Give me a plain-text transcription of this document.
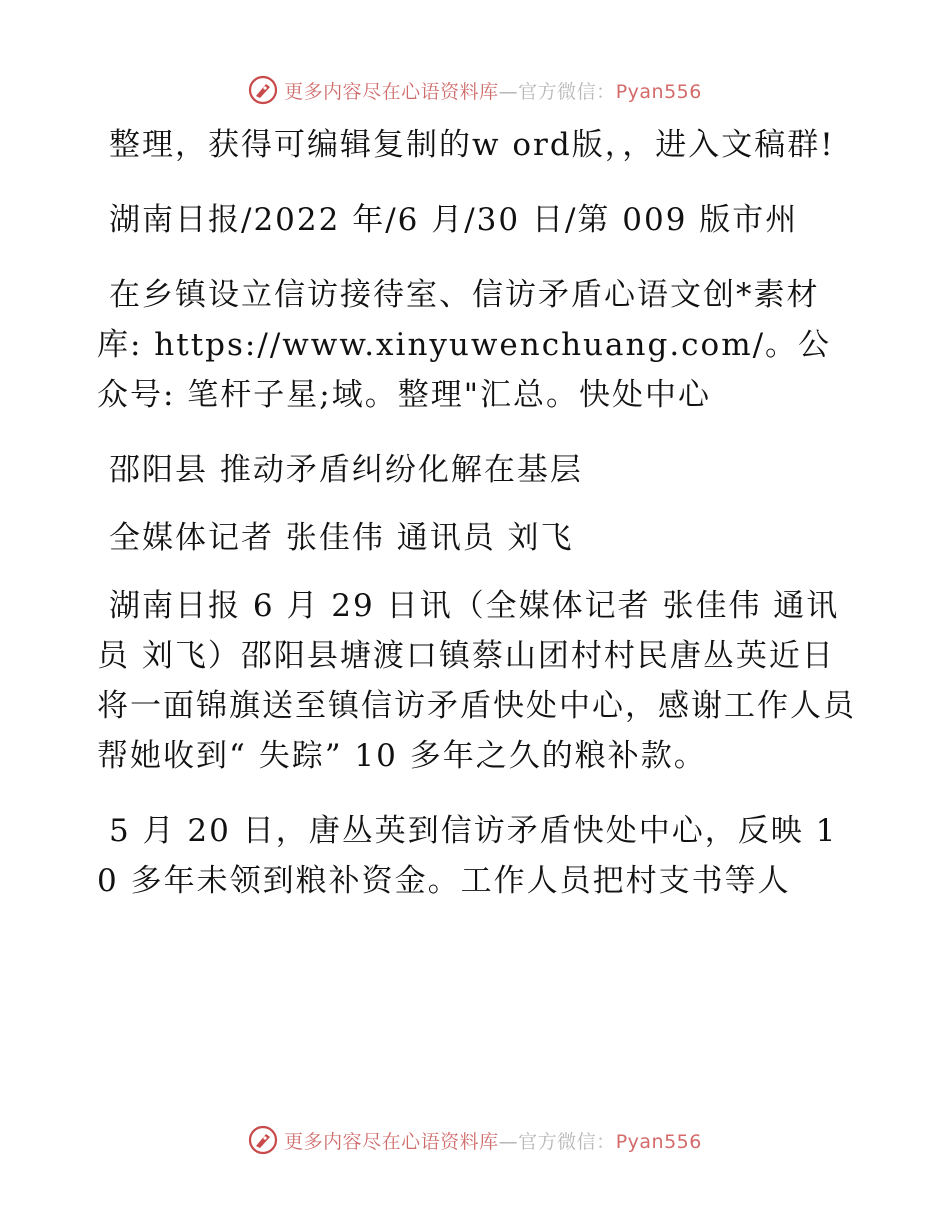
更多内容尽在心语资料库—官方微信：Pyan556

整理，获得可编辑复制的w ord版，，进入文稿群!

湖南日报/2022 年/6 月/30 日/第 009 版市州

在乡镇设立信访接待室、信访矛盾心语文创*素材库: https://www.xinyuwenchuang.com/。公众号: 笔杆子星;域。整理"汇总。快处中心

邵阳县 推动矛盾纠纷化解在基层

全媒体记者 张佳伟 通讯员 刘飞

湖南日报 6 月 29 日讯（全媒体记者 张佳伟 通讯员 刘飞）邵阳县塘渡口镇蔡山团村村民唐丛英近日将一面锦旗送至镇信访矛盾快处中心，感谢工作人员帮她收到“ 失踪” 10 多年之久的粮补款。

5 月 20 日，唐丛英到信访矛盾快处中心，反映 10 多年未领到粮补资金。工作人员把村支书等人

更多内容尽在心语资料库—官方微信：Pyan556
